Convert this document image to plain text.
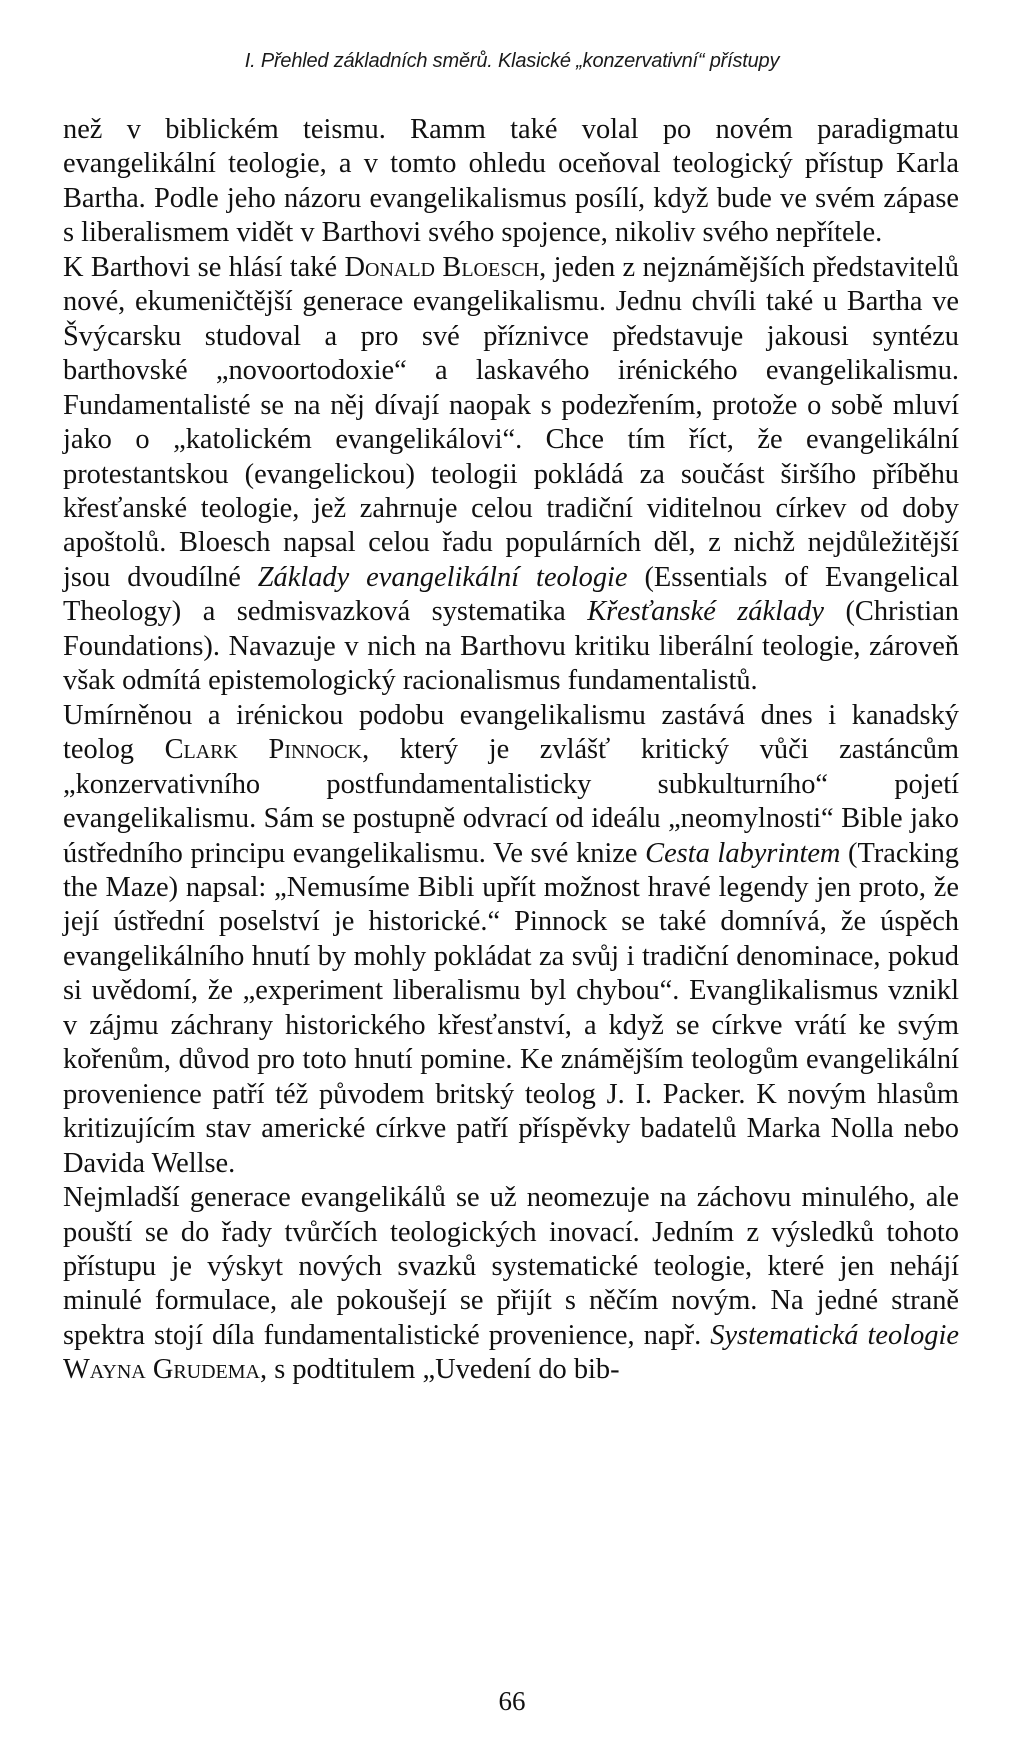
I. Přehled základních směrů. Klasické „konzervativní“ přístupy

než v biblickém teismu. Ramm také volal po novém paradigmatu evangelikální teologie, a v tomto ohledu oceňoval teologický přístup Karla Bartha. Podle jeho názoru evangelikalismus posílí, když bude ve svém zápase s liberalismem vidět v Barthovi svého spojence, nikoliv svého nepřítele.

K Barthovi se hlásí také Donald Bloesch, jeden z nejznámějších představitelů nové, ekumeničtější generace evangelikalismu. Jednu chvíli také u Bartha ve Švýcarsku studoval a pro své příznivce představuje jakousi syntézu barthovské „novoortodoxie“ a laskavého irénického evangelikalismu. Fundamentalisté se na něj dívají naopak s podezřením, protože o sobě mluví jako o „katolickém evangelikálovi“. Chce tím říct, že evangelikální protestantskou (evangelickou) teologii pokládá za součást širšího příběhu křesťanské teologie, jež zahrnuje celou tradiční viditelnou církev od doby apoštolů. Bloesch napsal celou řadu populárních děl, z nichž nejdůležitější jsou dvoudílné Základy evangelikální teologie (Essentials of Evangelical Theology) a sedmisvazková systematika Křesťanské základy (Christian Foundations). Navazuje v nich na Barthovu kritiku liberální teologie, zároveň však odmítá epistemologický racionalismus fundamentalistů.

Umírněnou a irénickou podobu evangelikalismu zastává dnes i kanadský teolog Clark Pinnock, který je zvlášť kritický vůči zastáncům „konzervativního postfundamentalisticky subkulturního“ pojetí evangelikalismu. Sám se postupně odvrací od ideálu „neomylnosti“ Bible jako ústředního principu evangelikalismu. Ve své knize Cesta labyrintem (Tracking the Maze) napsal: „Nemusíme Bibli upřít možnost hravé legendy jen proto, že její ústřední poselství je historické.“ Pinnock se také domnívá, že úspěch evangelikálního hnutí by mohly pokládat za svůj i tradiční denominace, pokud si uvědomí, že „experiment liberalismu byl chybou“. Evanglikalismus vznikl v zájmu záchrany historického křesťanství, a když se církve vrátí ke svým kořenům, důvod pro toto hnutí pomine. Ke známějším teologům evangelikální provenience patří též původem britský teolog J. I. Packer. K novým hlasům kritizujícím stav americké církve patří příspěvky badatelů Marka Nolla nebo Davida Wellse.

Nejmladší generace evangelikálů se už neomezuje na záchovu minulého, ale pouští se do řady tvůrčích teologických inovací. Jedním z výsledků tohoto přístupu je výskyt nových svazků systematické teologie, které jen nehájí minulé formulace, ale pokoušejí se přijít s něčím novým. Na jedné straně spektra stojí díla fundamentalistické provenience, např. Systematická teologie Wayna Grudema, s podtitulem „Uvedení do bib-

66
